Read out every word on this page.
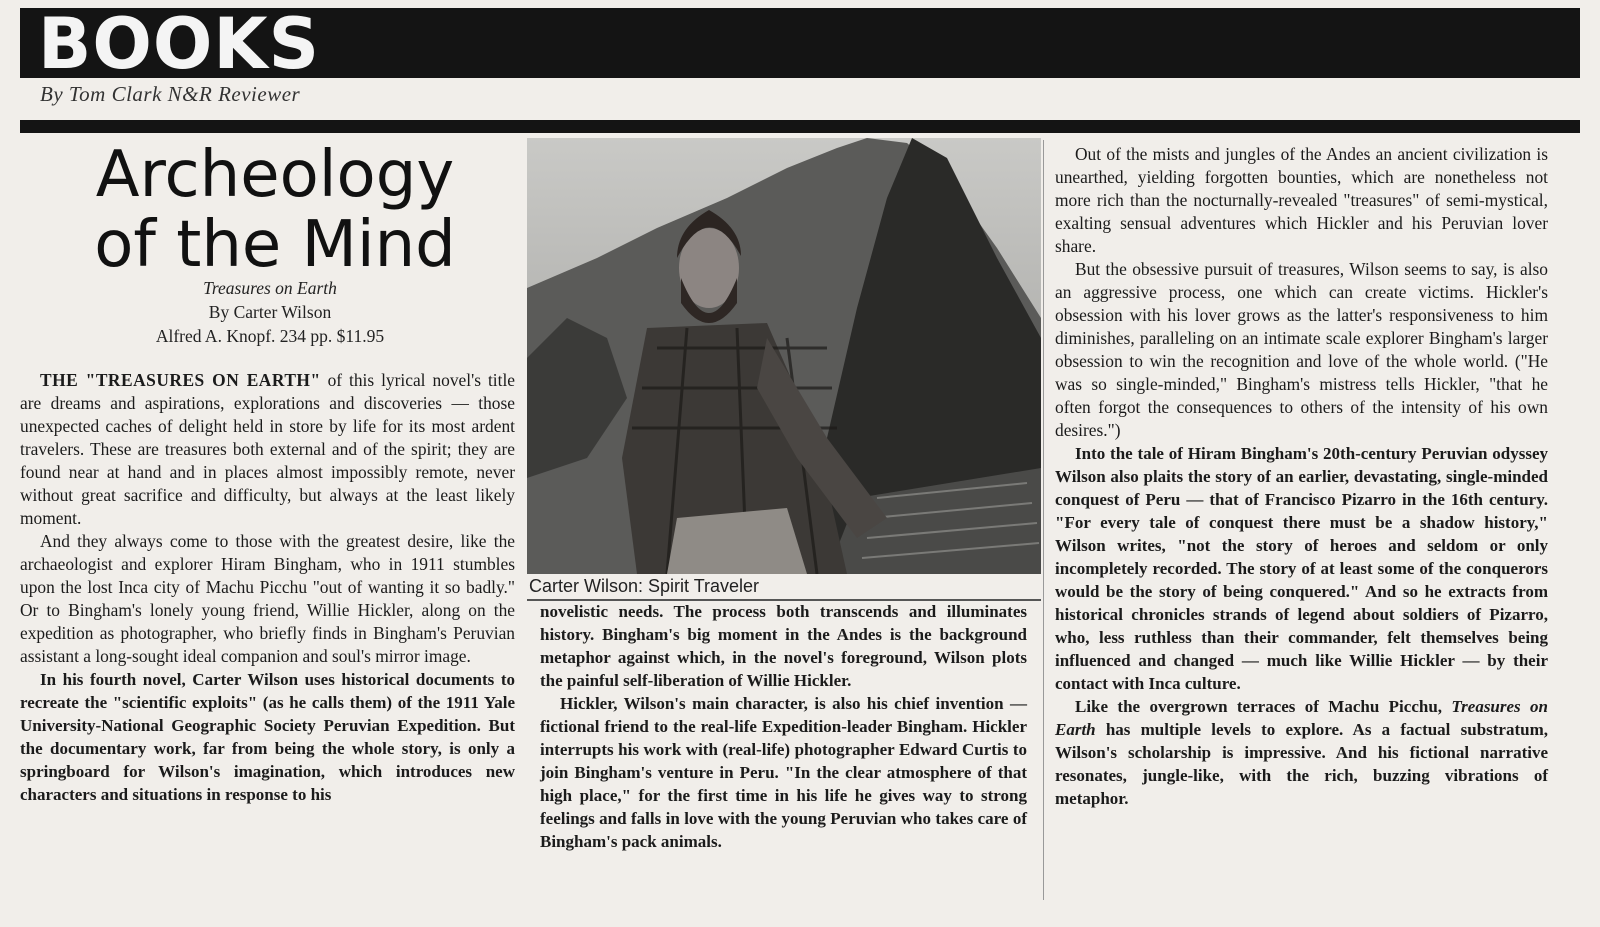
BOOKS
By Tom Clark N&R Reviewer
Archeology
of the Mind
Treasures on Earth
By Carter Wilson
Alfred A. Knopf. 234 pp. $11.95

THE "TREASURES ON EARTH" of this lyrical novel's title are dreams and aspirations, explorations and discoveries — those unexpected caches of delight held in store by life for its most ardent travelers. These are treasures both external and of the spirit; they are found near at hand and in places almost impossibly remote, never without great sacrifice and difficulty, but always at the least likely moment.

And they always come to those with the greatest desire, like the archaeologist and explorer Hiram Bingham, who in 1911 stumbles upon the lost Inca city of Machu Picchu "out of wanting it so badly." Or to Bingham's lonely young friend, Willie Hickler, along on the expedition as photographer, who briefly finds in Bingham's Peruvian assistant a long-sought ideal companion and soul's mirror image.

In his fourth novel, Carter Wilson uses historical documents to recreate the "scientific exploits" (as he calls them) of the 1911 Yale University-National Geographic Society Peruvian Expedition. But the documentary work, far from being the whole story, is only a springboard for Wilson's imagination, which introduces new characters and situations in response to his

Carter Wilson: Spirit Traveler

novelistic needs. The process both transcends and illuminates history. Bingham's big moment in the Andes is the background metaphor against which, in the novel's foreground, Wilson plots the painful self-liberation of Willie Hickler.

Hickler, Wilson's main character, is also his chief invention — fictional friend to the real-life Expedition-leader Bingham. Hickler interrupts his work with (real-life) photographer Edward Curtis to join Bingham's venture in Peru. "In the clear atmosphere of that high place," for the first time in his life he gives way to strong feelings and falls in love with the young Peruvian who takes care of Bingham's pack animals.

Out of the mists and jungles of the Andes an ancient civilization is unearthed, yielding forgotten bounties, which are nonetheless not more rich than the nocturnally-revealed "treasures" of semi-mystical, exalting sensual adventures which Hickler and his Peruvian lover share.

But the obsessive pursuit of treasures, Wilson seems to say, is also an aggressive process, one which can create victims. Hickler's obsession with his lover grows as the latter's responsiveness to him diminishes, paralleling on an intimate scale explorer Bingham's larger obsession to win the recognition and love of the whole world. ("He was so single-minded," Bingham's mistress tells Hickler, "that he often forgot the consequences to others of the intensity of his own desires.")

Into the tale of Hiram Bingham's 20th-century Peruvian odyssey Wilson also plaits the story of an earlier, devastating, single-minded conquest of Peru — that of Francisco Pizarro in the 16th century. "For every tale of conquest there must be a shadow history," Wilson writes, "not the story of heroes and seldom or only incompletely recorded. The story of at least some of the conquerors would be the story of being conquered." And so he extracts from historical chronicles strands of legend about soldiers of Pizarro, who, less ruthless than their commander, felt themselves being influenced and changed — much like Willie Hickler — by their contact with Inca culture.

Like the overgrown terraces of Machu Picchu, Treasures on Earth has multiple levels to explore. As a factual substratum, Wilson's scholarship is impressive. And his fictional narrative resonates, jungle-like, with the rich, buzzing vibrations of metaphor.
